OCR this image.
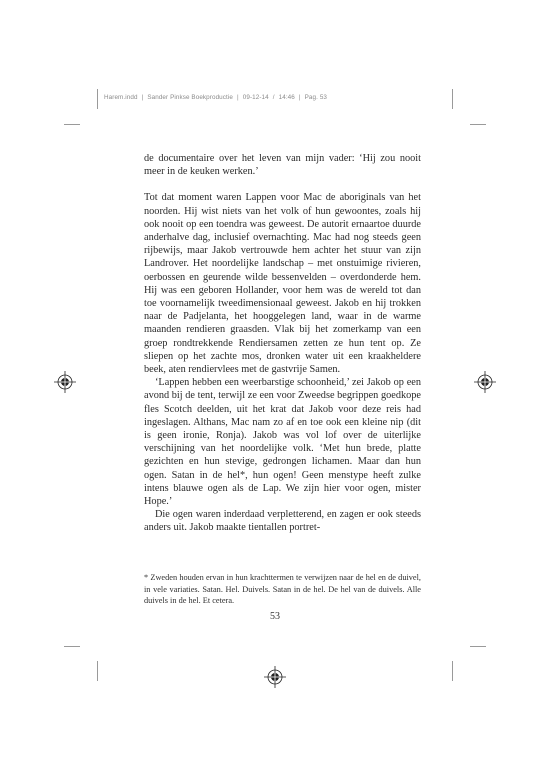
Harem.indd | Sander Pinkse Boekproductie | 09-12-14 / 14:46 | Pag. 53

de documentaire over het leven van mijn vader: ‘Hij zou nooit meer in de keuken werken.’

Tot dat moment waren Lappen voor Mac de aboriginals van het noorden. Hij wist niets van het volk of hun gewoontes, zoals hij ook nooit op een toendra was geweest. De autorit ernaartoe duurde anderhalve dag, inclusief overnachting. Mac had nog steeds geen rijbewijs, maar Jakob vertrouwde hem achter het stuur van zijn Landrover. Het noordelijke landschap – met onstuimige rivieren, oerbossen en geurende wilde bessenvelden – overdonderde hem. Hij was een geboren Hollander, voor hem was de wereld tot dan toe voornamelijk tweedimensionaal geweest. Jakob en hij trokken naar de Padjelanta, het hooggelegen land, waar in de warme maanden rendieren graasden. Vlak bij het zomerkamp van een groep rondtrekkende Rendiersamen zetten ze hun tent op. Ze sliepen op het zachte mos, dronken water uit een kraakheldere beek, aten rendiervlees met de gastvrije Samen.

‘Lappen hebben een weerbarstige schoonheid,’ zei Jakob op een avond bij de tent, terwijl ze een voor Zweedse begrippen goedkope fles Scotch deelden, uit het krat dat Jakob voor deze reis had ingeslagen. Althans, Mac nam zo af en toe ook een kleine nip (dit is geen ironie, Ronja). Jakob was vol lof over de uiterlijke verschijning van het noordelijke volk. ‘Met hun brede, platte gezichten en hun stevige, gedrongen lichamen. Maar dan hun ogen. Satan in de hel*, hun ogen! Geen menstype heeft zulke intens blauwe ogen als de Lap. We zijn hier voor ogen, mister Hope.’

Die ogen waren inderdaad verpletterend, en zagen er ook steeds anders uit. Jakob maakte tientallen portret-

* Zweden houden ervan in hun krachttermen te verwijzen naar de hel en de duivel, in vele variaties. Satan. Hel. Duivels. Satan in de hel. De hel van de duivels. Alle duivels in de hel. Et cetera.
53
